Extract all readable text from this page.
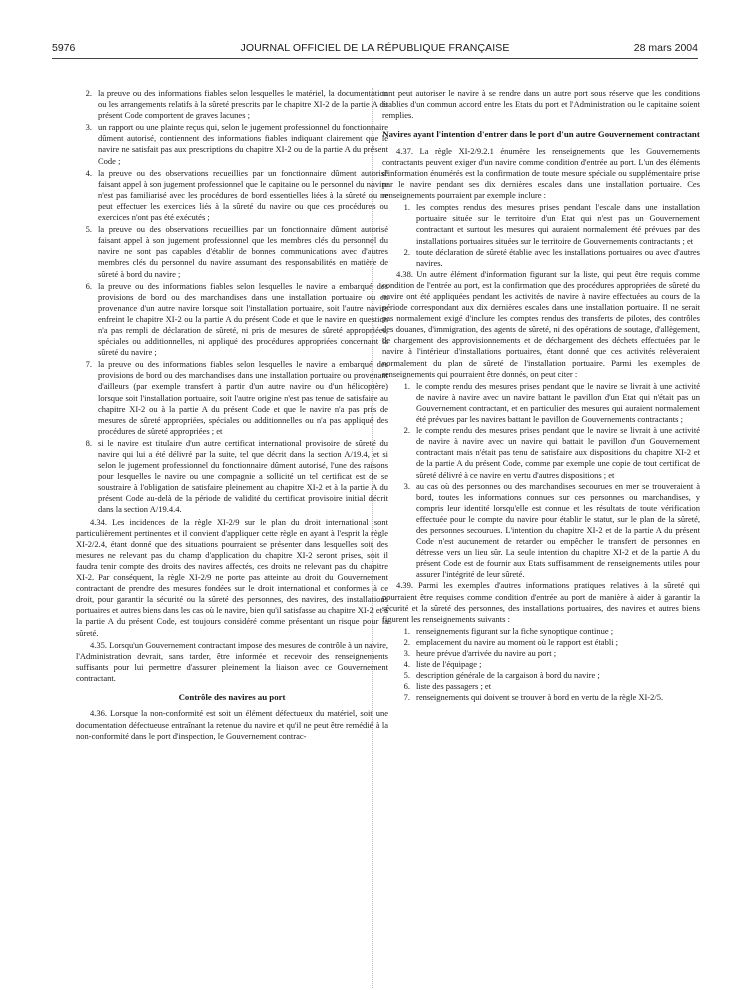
5976	JOURNAL OFFICIEL DE LA RÉPUBLIQUE FRANÇAISE	28 mars 2004
2. la preuve ou des informations fiables selon lesquelles le matériel, la documentation ou les arrangements relatifs à la sûreté prescrits par le chapitre XI-2 de la partie A du présent Code comportent de graves lacunes ;
3. un rapport ou une plainte reçus qui, selon le jugement professionnel du fonctionnaire dûment autorisé, contiennent des informations fiables indiquant clairement que le navire ne satisfait pas aux prescriptions du chapitre XI-2 ou de la partie A du présent Code ;
4. la preuve ou des observations recueillies par un fonctionnaire dûment autorisé faisant appel à son jugement professionnel que le capitaine ou le personnel du navire n'est pas familiarisé avec les procédures de bord essentielles liées à la sûreté ou ne peut effectuer les exercices liés à la sûreté du navire ou que ces procédures ou exercices n'ont pas été exécutés ;
5. la preuve ou des observations recueillies par un fonctionnaire dûment autorisé faisant appel à son jugement professionnel que les membres clés du personnel du navire ne sont pas capables d'établir de bonnes communications avec d'autres membres clés du personnel du navire assumant des responsabilités en matière de sûreté à bord du navire ;
6. la preuve ou des informations fiables selon lesquelles le navire a embarqué des provisions de bord ou des marchandises dans une installation portuaire ou en provenance d'un autre navire lorsque soit l'installation portuaire, soit l'autre navire enfreint le chapitre XI-2 ou la partie A du présent Code et que le navire en question n'a pas rempli de déclaration de sûreté, ni pris de mesures de sûreté appropriées, spéciales ou additionnelles, ni appliqué des procédures appropriées concernant la sûreté du navire ;
7. la preuve ou des informations fiables selon lesquelles le navire a embarqué des provisions de bord ou des marchandises dans une installation portuaire ou provenant d'ailleurs (par exemple transfert à partir d'un autre navire ou d'un hélicoptère) lorsque soit l'installation portuaire, soit l'autre origine n'est pas tenue de satisfaire au chapitre XI-2 ou à la partie A du présent Code et que le navire n'a pas pris de mesures de sûreté appropriées, spéciales ou additionnelles ou n'a pas appliqué des procédures de sûreté appropriées ; et
8. si le navire est titulaire d'un autre certificat international provisoire de sûreté du navire qui lui a été délivré par la suite, tel que décrit dans la section A/19.4, et si selon le jugement professionnel du fonctionnaire dûment autorisé, l'une des raisons pour lesquelles le navire ou une compagnie a sollicité un tel certificat est de se soustraire à l'obligation de satisfaire pleinement au chapitre XI-2 et à la partie A du présent Code au-delà de la période de validité du certificat provisoire initial décrit dans la section A/19.4.4.

4.34. Les incidences de la règle XI-2/9 sur le plan du droit international sont particulièrement pertinentes et il convient d'appliquer cette règle en ayant à l'esprit la règle XI-2/2.4, étant donné que des situations pourraient se présenter dans lesquelles soit des mesures ne relevant pas du champ d'application du chapitre XI-2 seront prises, soit il faudra tenir compte des droits des navires affectés, ces droits ne relevant pas du chapitre XI-2. Par conséquent, la règle XI-2/9 ne porte pas atteinte au droit du Gouvernement contractant de prendre des mesures fondées sur le droit international et conformes à ce droit, pour garantir la sécurité ou la sûreté des personnes, des navires, des installations portuaires et autres biens dans les cas où le navire, bien qu'il satisfasse au chapitre XI-2 et à la partie A du présent Code, est toujours considéré comme présentant un risque pour la sûreté.

4.35. Lorsqu'un Gouvernement contractant impose des mesures de contrôle à un navire, l'Administration devrait, sans tarder, être informée et recevoir des renseignements suffisants pour lui permettre d'assurer pleinement la liaison avec ce Gouvernement contractant.

Contrôle des navires au port

4.36. Lorsque la non-conformité est soit un élément défectueux du matériel, soit une documentation défectueuse entraînant la retenue du navire et qu'il ne peut être remédié à la non-conformité dans le port d'inspection, le Gouvernement contrac-

tant peut autoriser le navire à se rendre dans un autre port sous réserve que les conditions établies d'un commun accord entre les Etats du port et l'Administration ou le capitaine soient remplies.

Navires ayant l'intention d'entrer dans le port d'un autre Gouvernement contractant

4.37. La règle XI-2/9.2.1 énumère les renseignements que les Gouvernements contractants peuvent exiger d'un navire comme condition d'entrée au port. L'un des éléments d'information énumérés est la confirmation de toute mesure spéciale ou supplémentaire prise par le navire pendant ses dix dernières escales dans une installation portuaire. Ces renseignements pourraient par exemple inclure :

1. les comptes rendus des mesures prises pendant l'escale dans une installation portuaire située sur le territoire d'un Etat qui n'est pas un Gouvernement contractant et surtout les mesures qui auraient normalement été prévues par des installations portuaires situées sur le territoire de Gouvernements contractants ; et
2. toute déclaration de sûreté établie avec les installations portuaires ou avec d'autres navires.

4.38. Un autre élément d'information figurant sur la liste, qui peut être requis comme condition de l'entrée au port, est la confirmation que des procédures appropriées de sûreté du navire ont été appliquées pendant les activités de navire à navire effectuées au cours de la période correspondant aux dix dernières escales dans une installation portuaire. Il ne serait pas normalement exigé d'inclure les comptes rendus des transferts de pilotes, des contrôles des douanes, d'immigration, des agents de sûreté, ni des opérations de soutage, d'allègement, de chargement des approvisionnements et de déchargement des déchets effectuées par le navire à l'intérieur d'installations portuaires, étant donné que ces activités relèveraient normalement du plan de sûreté de l'installation portuaire. Parmi les exemples de renseignements qui pourraient être donnés, on peut citer :

1. le compte rendu des mesures prises pendant que le navire se livrait à une activité de navire à navire avec un navire battant le pavillon d'un Etat qui n'était pas un Gouvernement contractant, et en particulier des mesures qui auraient normalement été prévues par les navires battant le pavillon de Gouvernements contractants ;
2. le compte rendu des mesures prises pendant que le navire se livrait à une activité de navire à navire avec un navire qui battait le pavillon d'un Gouvernement contractant mais n'était pas tenu de satisfaire aux dispositions du chapitre XI-2 et de la partie A du présent Code, comme par exemple une copie de tout certificat de sûreté délivré à ce navire en vertu d'autres dispositions ; et
3. au cas où des personnes ou des marchandises secourues en mer se trouveraient à bord, toutes les informations connues sur ces personnes ou marchandises, y compris leur identité lorsqu'elle est connue et les résultats de toute vérification effectuée pour le compte du navire pour établir le statut, sur le plan de la sûreté, des personnes secourues. L'intention du chapitre XI-2 et de la partie A du présent Code n'est aucunement de retarder ou empêcher le transfert de personnes en détresse vers un lieu sûr. La seule intention du chapitre XI-2 et de la partie A du présent Code est de fournir aux Etats suffisamment de renseignements utiles pour assurer l'intégrité de leur sûreté.

4.39. Parmi les exemples d'autres informations pratiques relatives à la sûreté qui pourraient être requises comme condition d'entrée au port de manière à aider à garantir la sécurité et la sûreté des personnes, des installations portuaires, des navires et autres biens figurent les renseignements suivants :

1. renseignements figurant sur la fiche synoptique continue ;
2. emplacement du navire au moment où le rapport est établi ;
3. heure prévue d'arrivée du navire au port ;
4. liste de l'équipage ;
5. description générale de la cargaison à bord du navire ;
6. liste des passagers ; et
7. renseignements qui doivent se trouver à bord en vertu de la règle XI-2/5.
